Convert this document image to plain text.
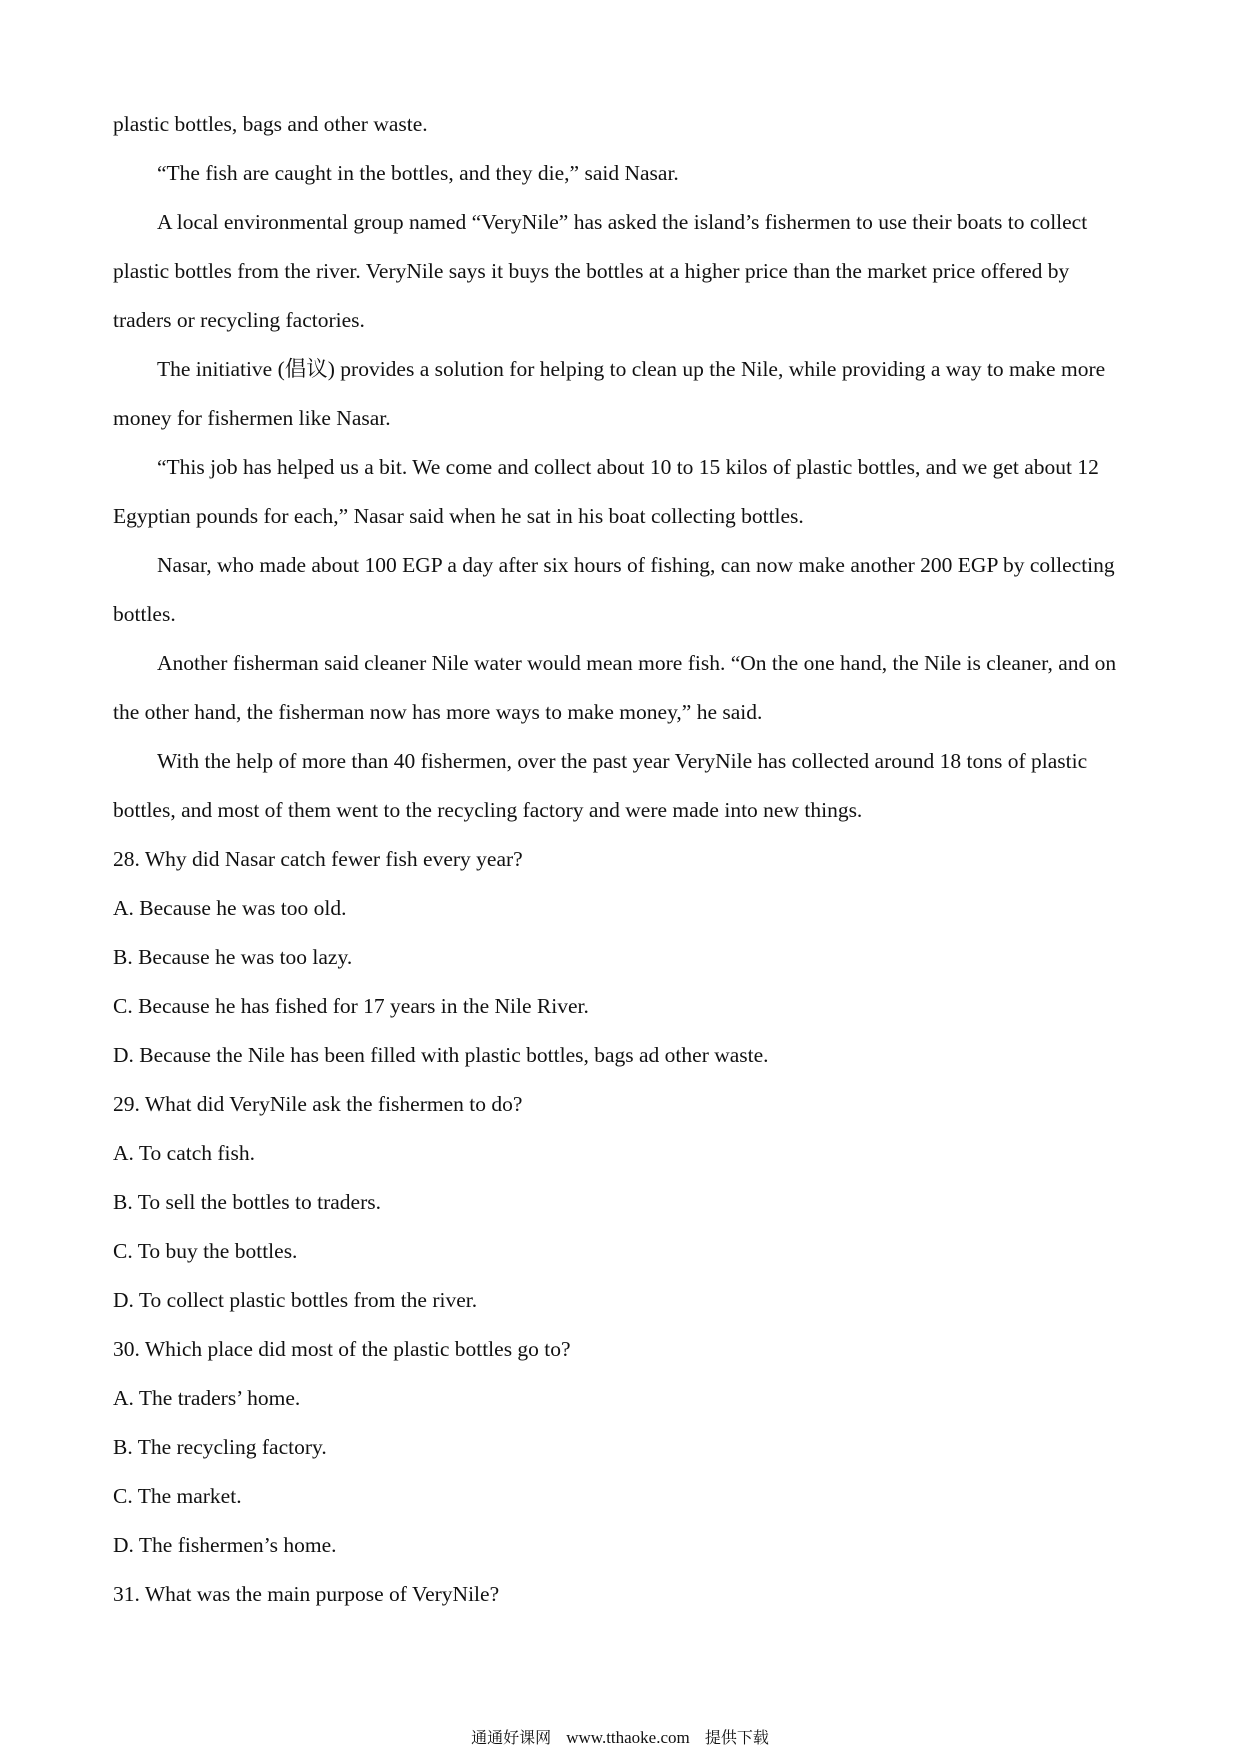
plastic bottles, bags and other waste.

“The fish are caught in the bottles, and they die,” said Nasar.

A local environmental group named “VeryNile” has asked the island’s fishermen to use their boats to collect plastic bottles from the river. VeryNile says it buys the bottles at a higher price than the market price offered by traders or recycling factories.

The initiative (倡议) provides a solution for helping to clean up the Nile, while providing a way to make more money for fishermen like Nasar.

“This job has helped us a bit. We come and collect about 10 to 15 kilos of plastic bottles, and we get about 12 Egyptian pounds for each,” Nasar said when he sat in his boat collecting bottles.

Nasar, who made about 100 EGP a day after six hours of fishing, can now make another 200 EGP by collecting bottles.

Another fisherman said cleaner Nile water would mean more fish. “On the one hand, the Nile is cleaner, and on the other hand, the fisherman now has more ways to make money,” he said.

With the help of more than 40 fishermen, over the past year VeryNile has collected around 18 tons of plastic bottles, and most of them went to the recycling factory and were made into new things.

28. Why did Nasar catch fewer fish every year?

A. Because he was too old.

B. Because he was too lazy.

C. Because he has fished for 17 years in the Nile River.

D. Because the Nile has been filled with plastic bottles, bags ad other waste.

29. What did VeryNile ask the fishermen to do?

A. To catch fish.

B. To sell the bottles to traders.

C. To buy the bottles.

D. To collect plastic bottles from the river.

30. Which place did most of the plastic bottles go to?

A. The traders’ home.

B. The recycling factory.

C. The market.

D. The fishermen’s home.

31. What was the main purpose of VeryNile?

通通好课网 www.tthaoke.com 提供下载
